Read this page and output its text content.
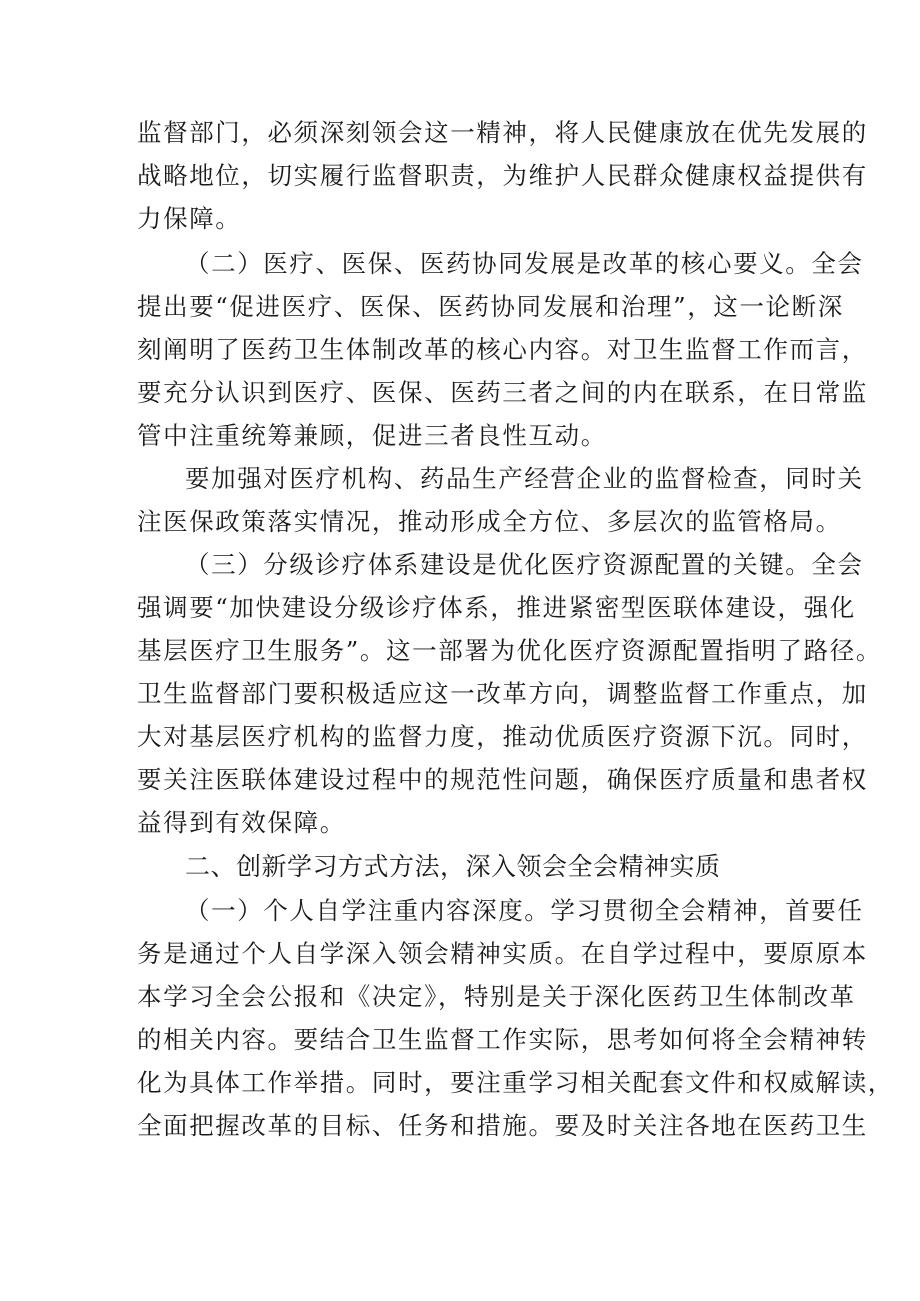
监督部门，必须深刻领会这一精神，将人民健康放在优先发展的
战略地位，切实履行监督职责，为维护人民群众健康权益提供有
力保障。
（二）医疗、医保、医药协同发展是改革的核心要义。全会
提出要“促进医疗、医保、医药协同发展和治理”，这一论断深
刻阐明了医药卫生体制改革的核心内容。对卫生监督工作而言，
要充分认识到医疗、医保、医药三者之间的内在联系，在日常监
管中注重统筹兼顾，促进三者良性互动。
要加强对医疗机构、药品生产经营企业的监督检查，同时关
注医保政策落实情况，推动形成全方位、多层次的监管格局。
（三）分级诊疗体系建设是优化医疗资源配置的关键。全会
强调要“加快建设分级诊疗体系，推进紧密型医联体建设，强化
基层医疗卫生服务”。这一部署为优化医疗资源配置指明了路径。
卫生监督部门要积极适应这一改革方向，调整监督工作重点，加
大对基层医疗机构的监督力度，推动优质医疗资源下沉。同时，
要关注医联体建设过程中的规范性问题，确保医疗质量和患者权
益得到有效保障。
二、创新学习方式方法，深入领会全会精神实质
（一）个人自学注重内容深度。学习贯彻全会精神，首要任
务是通过个人自学深入领会精神实质。在自学过程中，要原原本
本学习全会公报和《决定》，特别是关于深化医药卫生体制改革
的相关内容。要结合卫生监督工作实际，思考如何将全会精神转
化为具体工作举措。同时，要注重学习相关配套文件和权威解读，
全面把握改革的目标、任务和措施。要及时关注各地在医药卫生
